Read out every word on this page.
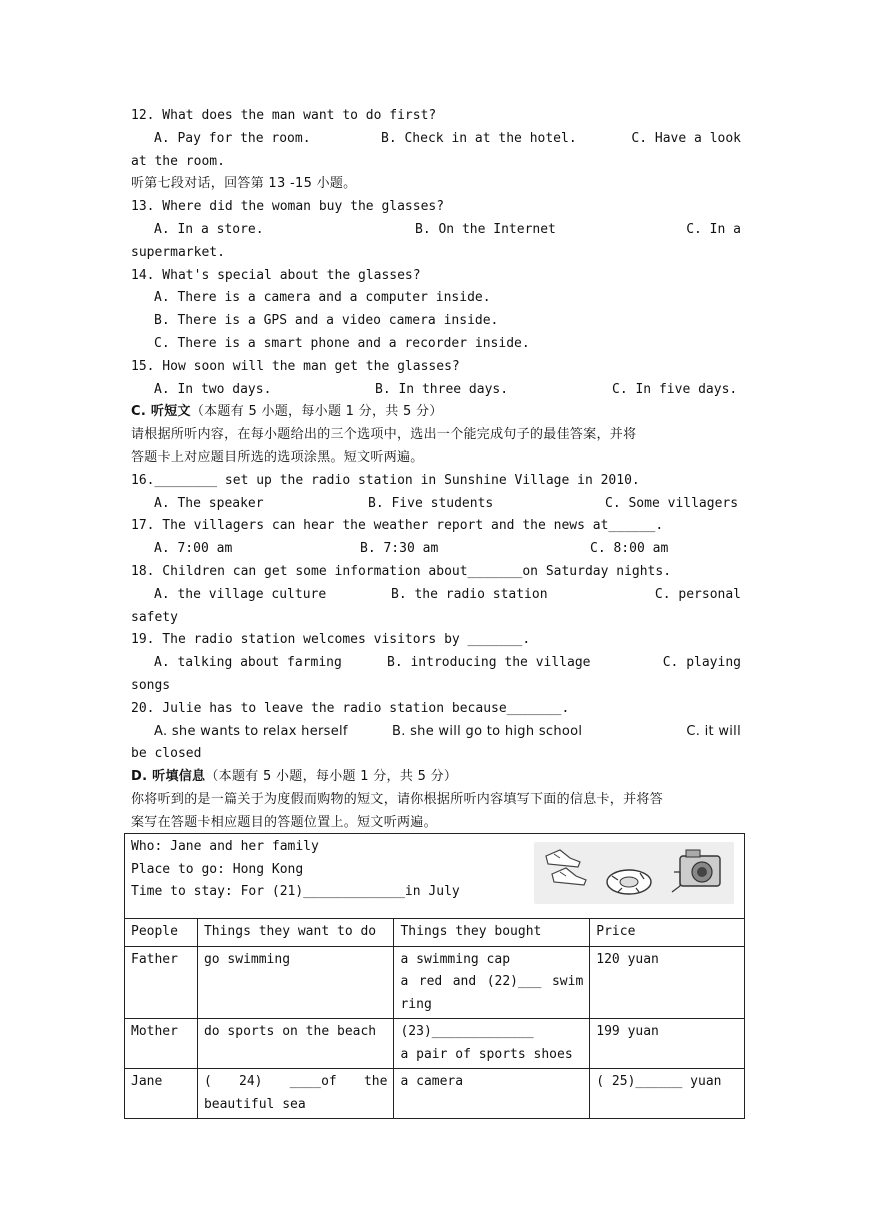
12. What does the man want to do first?
A. Pay for the room.	B. Check in at the hotel.	C. Have a look
at the room.
听第七段对话，回答第 13 -15 小题。
13. Where did the woman buy the glasses?
A. In a store.	B. On the Internet	C. In a
supermarket.
14. What's special about the glasses?
A. There is a camera and a computer inside.
B. There is a GPS and a video camera inside.
C. There is a smart phone and a recorder inside.
15. How soon will the man get the glasses?
A. In two days.	B. In three days.	C. In five days.
C. 听短文（本题有 5 小题，每小题 1 分，共 5 分）
请根据所听内容，在每小题给出的三个选项中，选出一个能完成句子的最佳答案，并将
答题卡上对应题目所选的选项涂黑。短文听两遍。
16.________ set up the radio station in Sunshine Village in 2010.
A. The speaker	B. Five students	C. Some villagers
17. The villagers can hear the weather report and the news at______.
A. 7:00 am	B. 7:30 am	C. 8:00 am
18. Children can get some information about_______on Saturday nights.
A. the village culture	B. the radio station	C. personal
safety
19. The radio station welcomes visitors by _______.
A. talking about farming	B. introducing the village	C. playing
songs
20. Julie has to leave the radio station because_______.
A. she wants to relax herself	B. she will go to high school	C. it will
be closed
D. 听填信息（本题有 5 小题，每小题 1 分，共 5 分）
你将听到的是一篇关于为度假而购物的短文，请你根据所听内容填写下面的信息卡，并将答
案写在答题卡相应题目的答题位置上。短文听两遍。
Who: Jane and her family
Place to go: Hong Kong
Time to stay: For (21)_____________in July			

People	Things they want to do	Things they bought	Price
Father	go swimming	a swimming cap
a red and (22)___ swim
ring	120 yuan
Mother	do sports on the beach	(23)_____________
a pair of sports shoes	199 yuan
Jane	( 24) ____of the
beautiful sea	a camera	( 25)______ yuan
